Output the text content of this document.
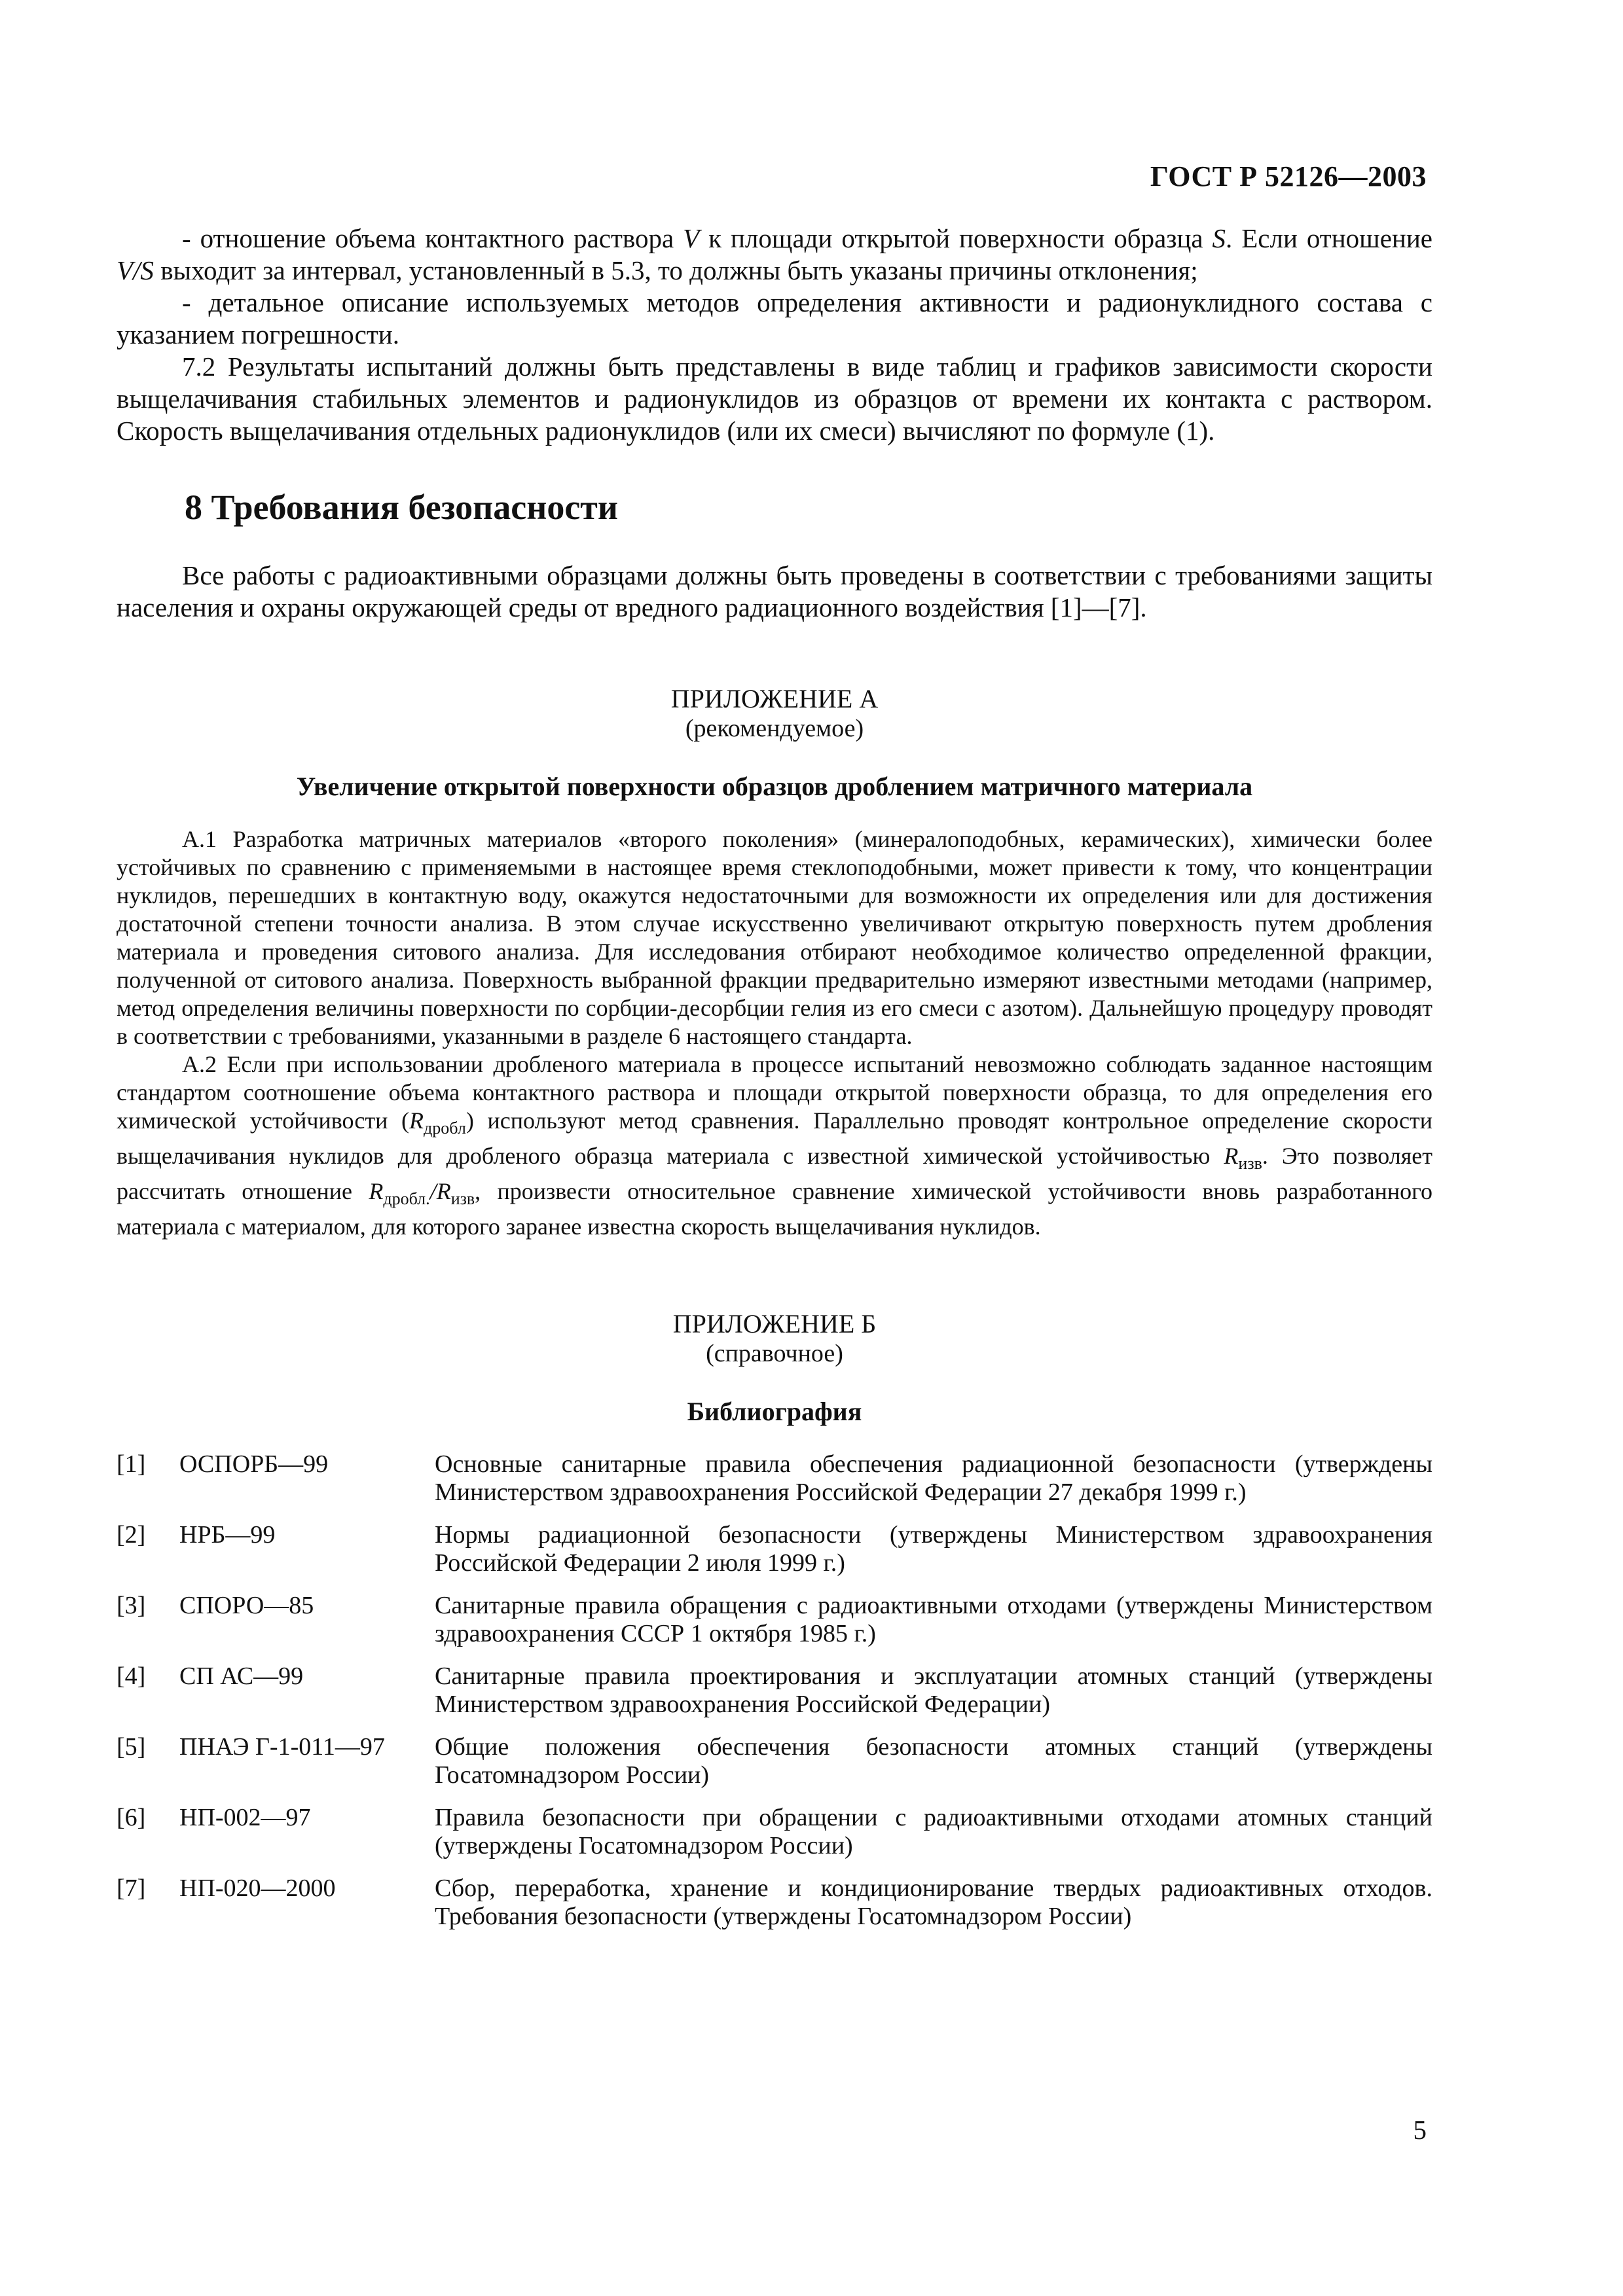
ГОСТ Р 52126—2003

- отношение объема контактного раствора V к площади открытой поверхности образца S. Если отношение V/S выходит за интервал, установленный в 5.3, то должны быть указаны причины отклонения;

- детальное описание используемых методов определения активности и радионуклидного состава с указанием погрешности.

7.2 Результаты испытаний должны быть представлены в виде таблиц и графиков зависимости скорости выщелачивания стабильных элементов и радионуклидов из образцов от времени их контакта с раствором. Скорость выщелачивания отдельных радионуклидов (или их смеси) вычисляют по формуле (1).

8 Требования безопасности

Все работы с радиоактивными образцами должны быть проведены в соответствии с требованиями защиты населения и охраны окружающей среды от вредного радиационного воздействия [1]—[7].

ПРИЛОЖЕНИЕ А
(рекомендуемое)
Увеличение открытой поверхности образцов дроблением матричного материала

А.1 Разработка матричных материалов «второго поколения» (минералоподобных, керамических), химически более устойчивых по сравнению с применяемыми в настоящее время стеклоподобными, может привести к тому, что концентрации нуклидов, перешедших в контактную воду, окажутся недостаточными для возможности их определения или для достижения достаточной степени точности анализа. В этом случае искусственно увеличивают открытую поверхность путем дробления материала и проведения ситового анализа. Для исследования отбирают необходимое количество определенной фракции, полученной от ситового анализа. Поверхность выбранной фракции предварительно измеряют известными методами (например, метод определения величины поверхности по сорбции-десорбции гелия из его смеси с азотом). Дальнейшую процедуру проводят в соответствии с требованиями, указанными в разделе 6 настоящего стандарта.

А.2 Если при использовании дробленого материала в процессе испытаний невозможно соблюдать заданное настоящим стандартом соотношение объема контактного раствора и площади открытой поверхности образца, то для определения его химической устойчивости $(R_{дробл})$ используют метод сравнения. Параллельно проводят контрольное определение скорости выщелачивания нуклидов для дробленого образца материала с известной химической устойчивостью $R_{изв}$. Это позволяет рассчитать отношение $R_{дробл.}/R_{изв}$, произвести относительное сравнение химической устойчивости вновь разработанного материала с материалом, для которого заранее известна скорость выщелачивания нуклидов.

ПРИЛОЖЕНИЕ Б
(справочное)
Библиография
[1]	ОСПОРБ—99	Основные санитарные правила обеспечения радиационной безопасности (утверждены Министерством здравоохранения Российской Федерации 27 декабря 1999 г.)
[2]	НРБ—99	Нормы радиационной безопасности (утверждены Министерством здравоохранения Российской Федерации 2 июля 1999 г.)
[3]	СПОРО—85	Санитарные правила обращения с радиоактивными отходами (утверждены Министерством здравоохранения СССР 1 октября 1985 г.)
[4]	СП АС—99	Санитарные правила проектирования и эксплуатации атомных станций (утверждены Министерством здравоохранения Российской Федерации)
[5]	ПНАЭ Г-1-011—97	Общие положения обеспечения безопасности атомных станций (утверждены Госатомнадзором России)
[6]	НП-002—97	Правила безопасности при обращении с радиоактивными отходами атомных станций (утверждены Госатомнадзором России)
[7]	НП-020—2000	Сбор, переработка, хранение и кондиционирование твердых радиоактивных отходов. Требования безопасности (утверждены Госатомнадзором России)
5
